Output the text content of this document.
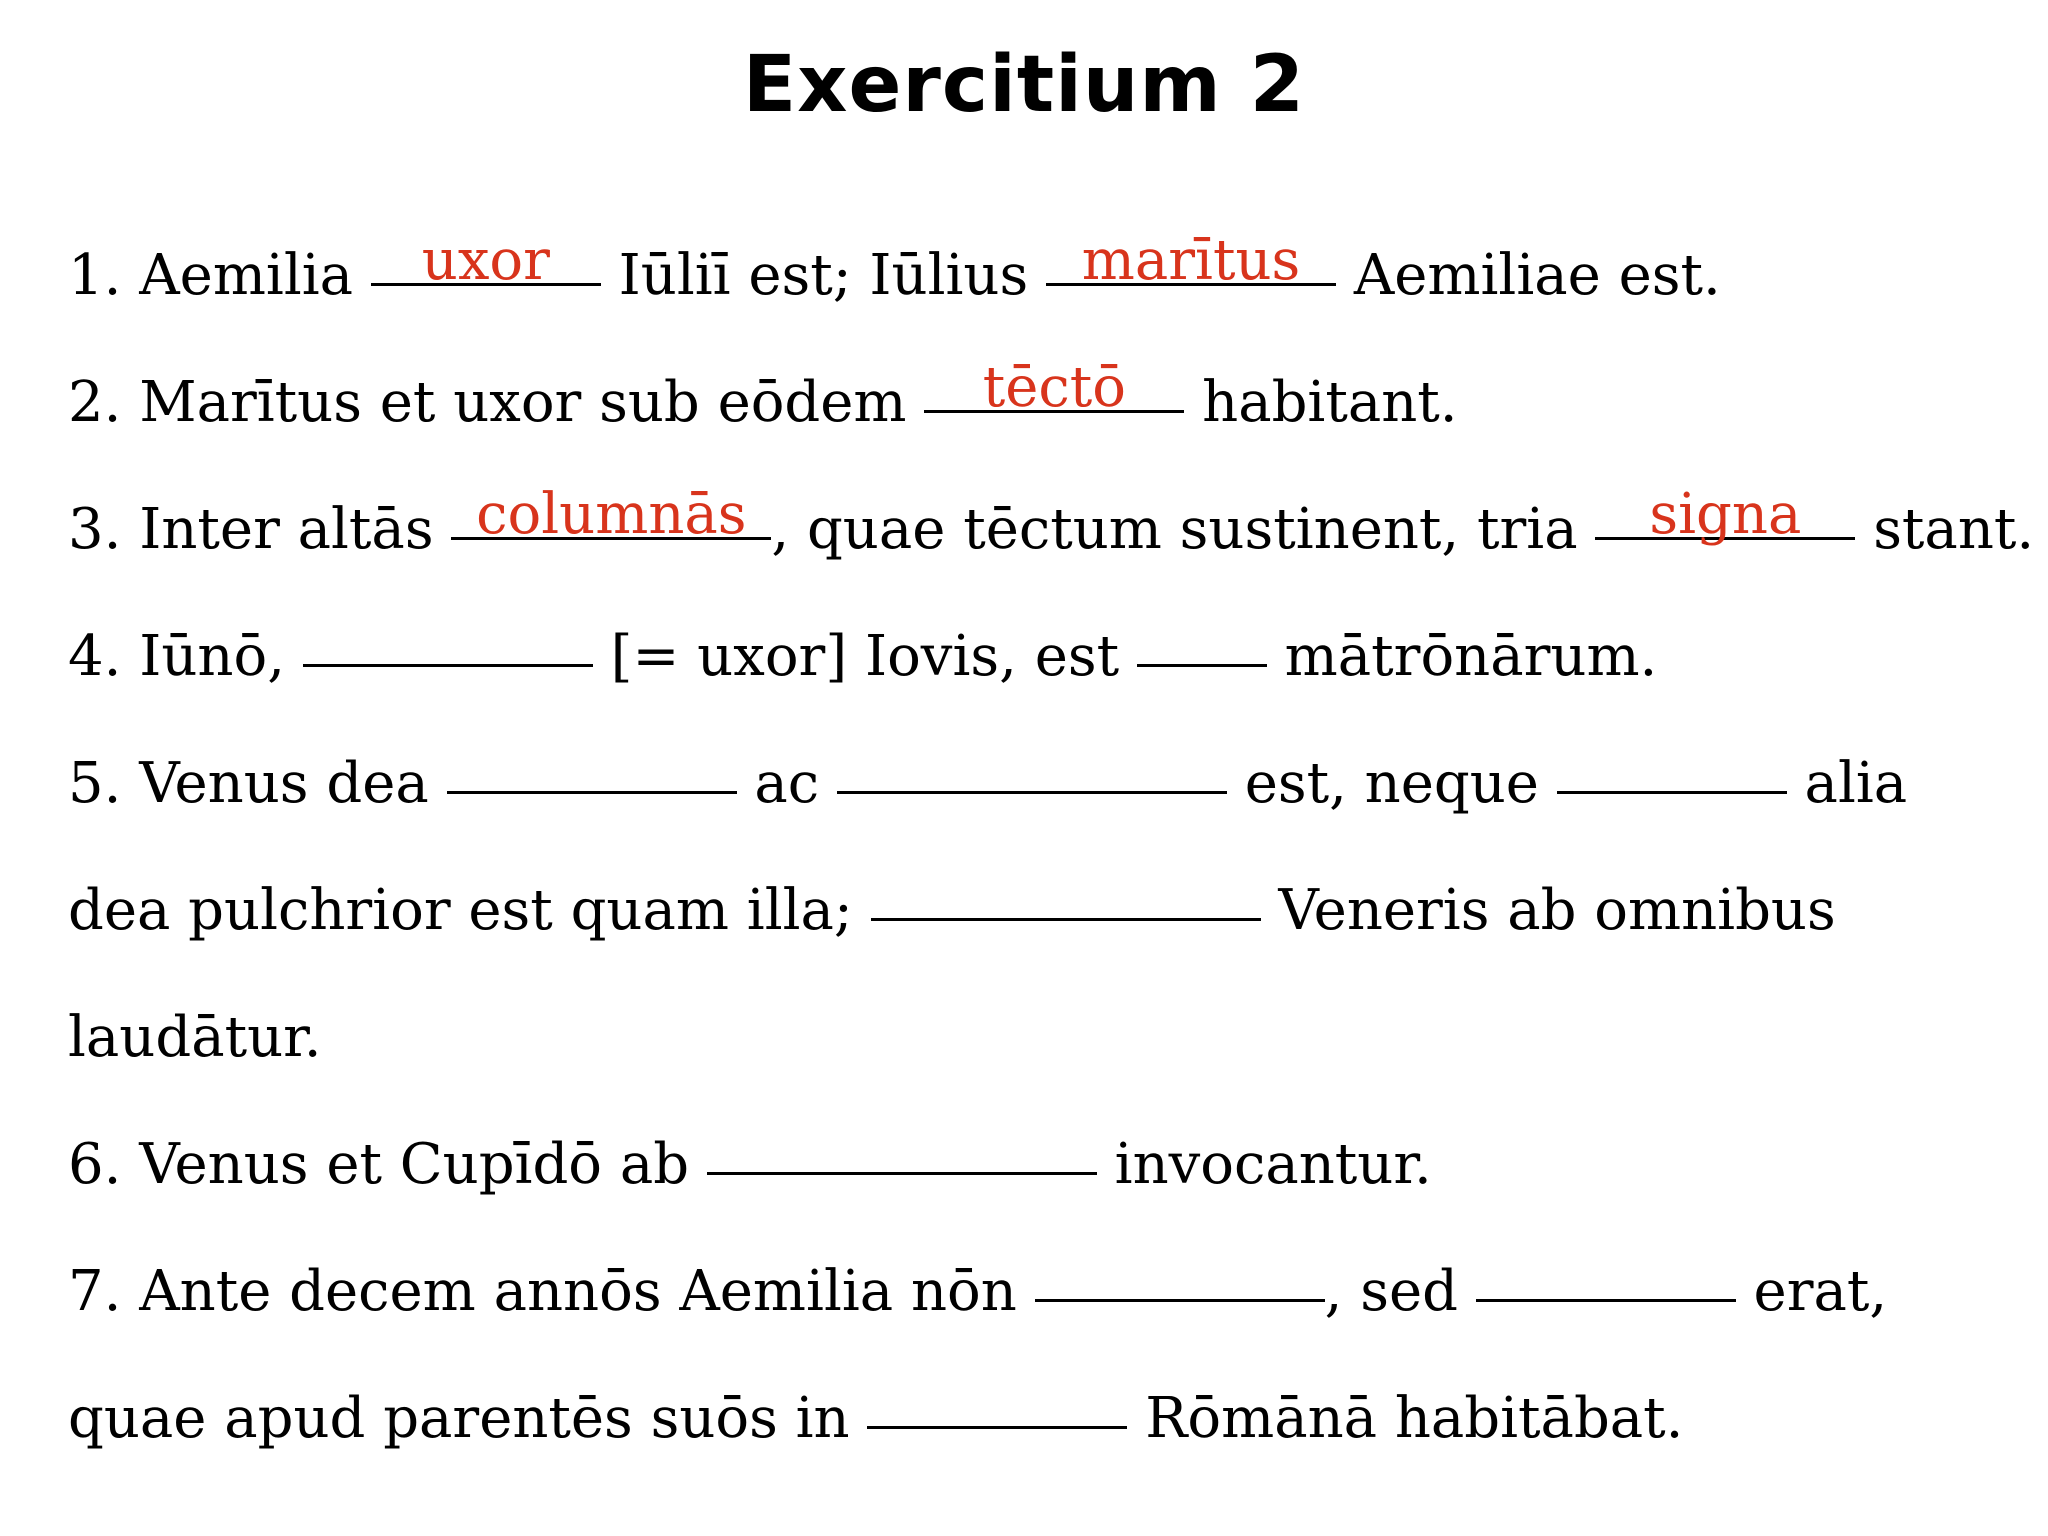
Exercitium 2
1. Aemilia uxor Iūliī est; Iūlius marītus Aemiliae est.
2. Marītus et uxor sub eōdem	tēctō	habitant.
3. Inter altās columnās , quae tēctum sustinent, tria signa stant.
4. Iūnō,	[= uxor] Iovis, est  mātrōnārum.
5. Venus dea	ac	est, neque	alia
dea pulchrior est quam illa;	Veneris ab omnibus
laudātur.
6. Venus et Cupīdō ab	invocantur.
7. Ante decem annōs Aemilia nōn	, sed	erat,
quae apud parentēs suōs in	Rōmānā habitābat.
